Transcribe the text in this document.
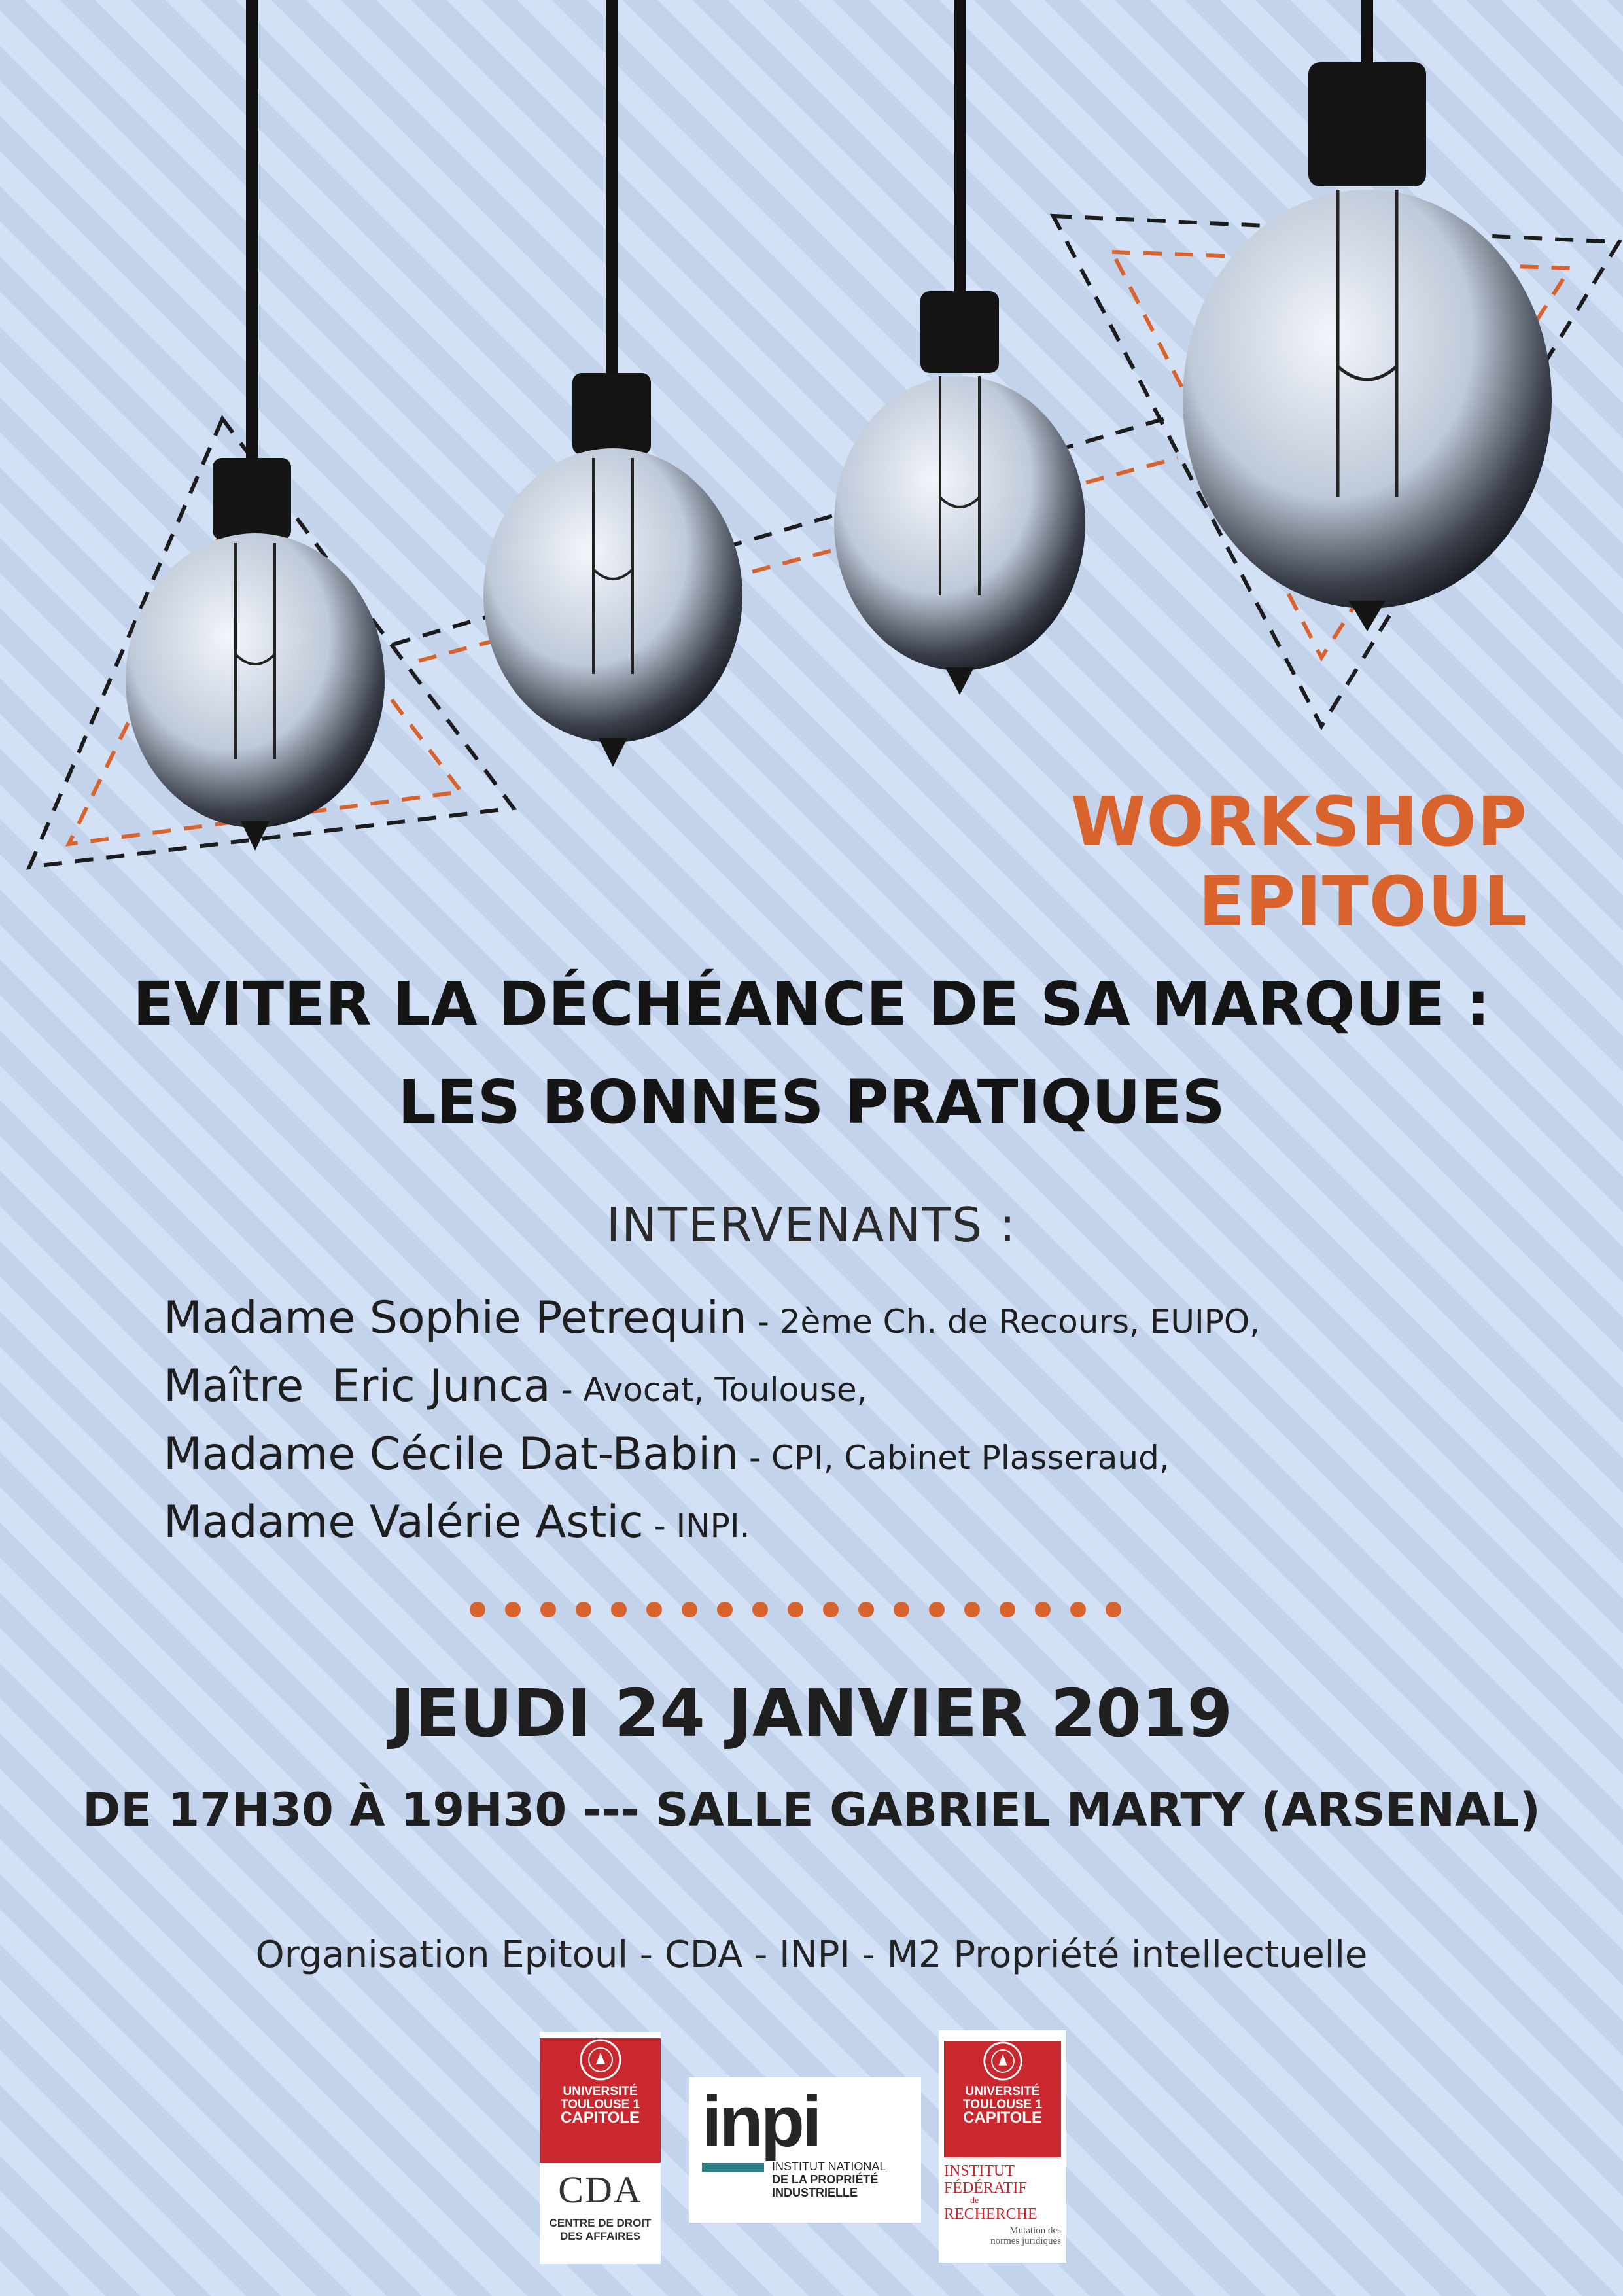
WORKSHOP EPITOUL
EVITER LA DÉCHÉANCE DE SA MARQUE :
LES BONNES PRATIQUES
INTERVENANTS :
Madame Sophie Petrequin - 2ème Ch. de Recours, EUIPO,
Maître  Eric Junca - Avocat, Toulouse,
Madame Cécile Dat-Babin - CPI, Cabinet Plasseraud,
Madame Valérie Astic - INPI.
JEUDI 24 JANVIER 2019
DE 17H30 À 19H30 --- SALLE GABRIEL MARTY (ARSENAL)
Organisation Epitoul - CDA - INPI - M2 Propriété intellectuelle
UNIVERSITÉ
TOULOUSE 1
CAPITOLE
CDA
CENTRE DE DROIT
DES AFFAIRES
inpi
INSTITUT NATIONAL
DE LA PROPRIÉTÉ
INDUSTRIELLE
UNIVERSITÉ
TOULOUSE 1
CAPITOLE
INSTITUT
FÉDÉRATIF
de
RECHERCHE
Mutation des
normes juridiques
